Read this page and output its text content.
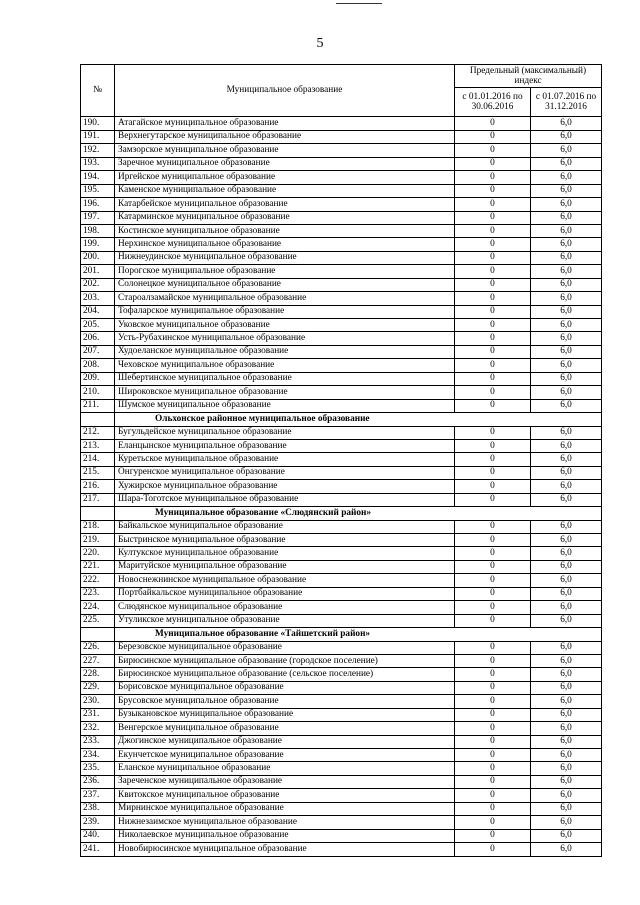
5
№	Муниципальное образование	Предельный (максимальный) индекс	
		с 01.01.2016 по 30.06.2016	с 01.07.2016 по 31.12.2016
190.	Атагайское муниципальное образование	0	6,0
191.	Верхнегутарское муниципальное образование	0	6,0
192.	Замзорское муниципальное образование	0	6,0
193.	Заречное муниципальное образование	0	6,0
194.	Иргейское муниципальное образование	0	6,0
195.	Каменское муниципальное образование	0	6,0
196.	Катарбейское муниципальное образование	0	6,0
197.	Катарминское муниципальное образование	0	6,0
198.	Костинское муниципальное образование	0	6,0
199.	Нерхинское муниципальное образование	0	6,0
200.	Нижнеудинское муниципальное образование	0	6,0
201.	Порогское муниципальное образование	0	6,0
202.	Солонецкое муниципальное образование	0	6,0
203.	Староалзамайское муниципальное образование	0	6,0
204.	Тофаларское муниципальное образование	0	6,0
205.	Уковское муниципальное образование	0	6,0
206.	Усть-Рубахинское муниципальное образование	0	6,0
207.	Худоеланское муниципальное образование	0	6,0
208.	Чеховское муниципальное образование	0	6,0
209.	Шебертинское муниципальное образование	0	6,0
210.	Широковское муниципальное образование	0	6,0
211.	Шумское муниципальное образование	0	6,0
	Ольхонское районное муниципальное образование		
212.	Бугульдейское муниципальное образование	0	6,0
213.	Еланцынское муниципальное образование	0	6,0
214.	Куретьское муниципальное образование	0	6,0
215.	Онгуренское муниципальное образование	0	6,0
216.	Хужирское муниципальное образование	0	6,0
217.	Шара-Тоготское муниципальное образование	0	6,0
	Муниципальное образование «Слюдянский район»		
218.	Байкальское муниципальное образование	0	6,0
219.	Быстринское муниципальное образование	0	6,0
220.	Култукское муниципальное образование	0	6,0
221.	Маритуйское муниципальное образование	0	6,0
222.	Новоснежнинское муниципальное образование	0	6,0
223.	Портбайкальское муниципальное образование	0	6,0
224.	Слюдянское муниципальное образование	0	6,0
225.	Утуликское муниципальное образование	0	6,0
	Муниципальное образование «Тайшетский район»		
226.	Березовское муниципальное образование	0	6,0
227.	Бирюсинское муниципальное образование (городское поселение)	0	6,0
228.	Бирюсинское муниципальное образование (сельское поселение)	0	6,0
229.	Борисовское муниципальное образование	0	6,0
230.	Брусовское муниципальное образование	0	6,0
231.	Бузыкановское муниципальное образование	0	6,0
232.	Венгерское муниципальное образование	0	6,0
233.	Джогинское муниципальное образование	0	6,0
234.	Екунчетское муниципальное образование	0	6,0
235.	Еланское муниципальное образование	0	6,0
236.	Зареченское муниципальное образование	0	6,0
237.	Квитокское муниципальное образование	0	6,0
238.	Мирнинское муниципальное образование	0	6,0
239.	Нижнезаимское муниципальное образование	0	6,0
240.	Николаевское муниципальное образование	0	6,0
241.	Новобирюсинское муниципальное образование	0	6,0
